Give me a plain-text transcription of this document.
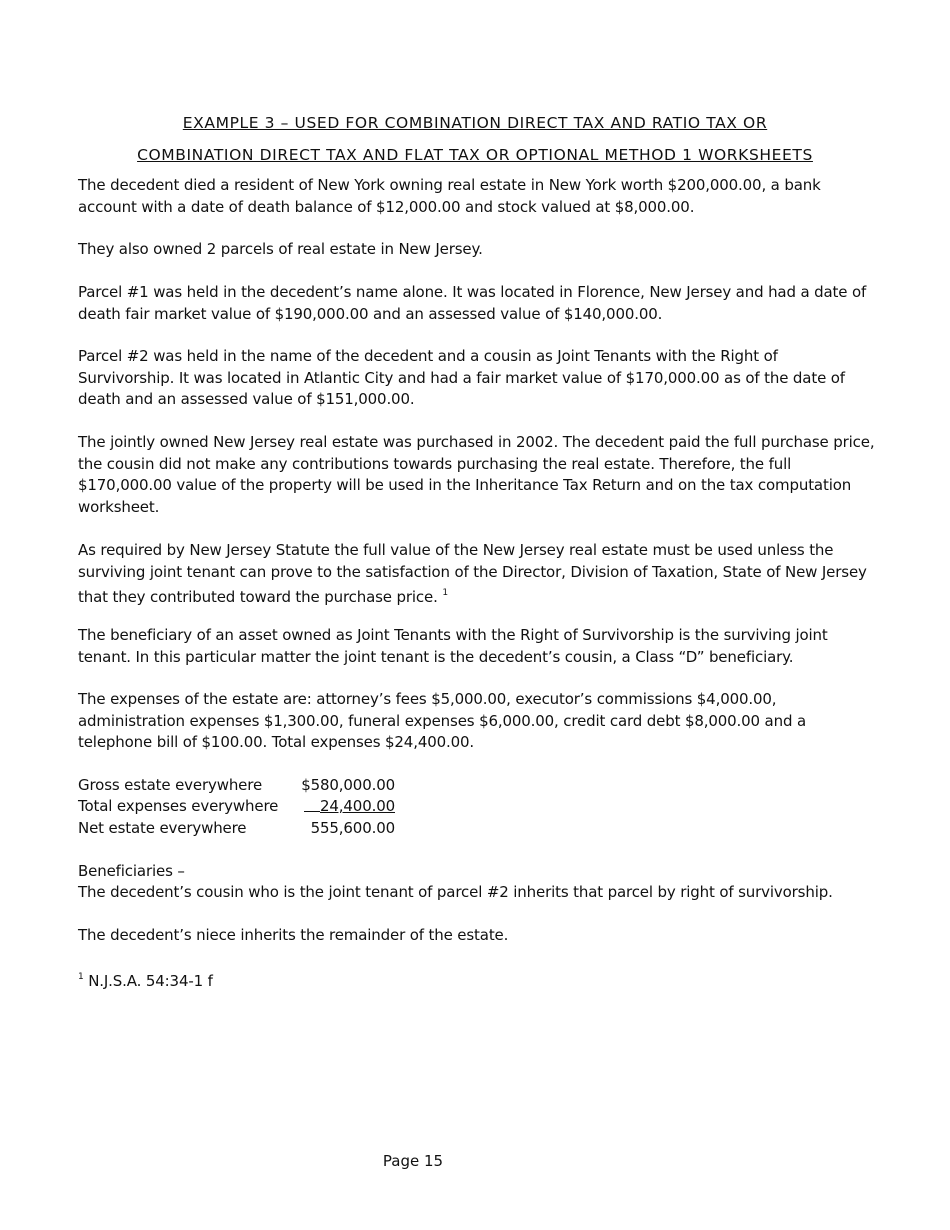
EXAMPLE 3 – USED FOR COMBINATION DIRECT TAX AND RATIO TAX OR
COMBINATION DIRECT TAX AND FLAT TAX OR OPTIONAL METHOD 1 WORKSHEETS

The decedent died a resident of New York owning real estate in New York worth $200,000.00, a bank account with a date of death balance of $12,000.00 and stock valued at $8,000.00.

They also owned 2 parcels of real estate in New Jersey.

Parcel #1 was held in the decedent’s name alone. It was located in Florence, New Jersey and had a date of death fair market value of $190,000.00 and an assessed value of $140,000.00.

Parcel #2 was held in the name of the decedent and a cousin as Joint Tenants with the Right of Survivorship. It was located in Atlantic City and had a fair market value of $170,000.00 as of the date of death and an assessed value of $151,000.00.

The jointly owned New Jersey real estate was purchased in 2002. The decedent paid the full purchase price, the cousin did not make any contributions towards purchasing the real estate. Therefore, the full $170,000.00 value of the property will be used in the Inheritance Tax Return and on the tax computation worksheet.

As required by New Jersey Statute the full value of the New Jersey real estate must be used unless the surviving joint tenant can prove to the satisfaction of the Director, Division of Taxation, State of New Jersey that they contributed toward the purchase price. $^1$

The beneficiary of an asset owned as Joint Tenants with the Right of Survivorship is the surviving joint tenant. In this particular matter the joint tenant is the decedent’s cousin, a Class “D” beneficiary.

The expenses of the estate are: attorney’s fees $5,000.00, executor’s commissions $4,000.00, administration expenses $1,300.00, funeral expenses $6,000.00, credit card debt $8,000.00 and a telephone bill of $100.00. Total expenses $24,400.00.

Gross estate everywhere	$580,000.00
Total expenses everywhere	24,400.00
Net estate everywhere	555,600.00

Beneficiaries –

The decedent’s cousin who is the joint tenant of parcel #2 inherits that parcel by right of survivorship.

The decedent’s niece inherits the remainder of the estate.

$^1$ N.J.S.A. 54:34-1 f

Page 15
